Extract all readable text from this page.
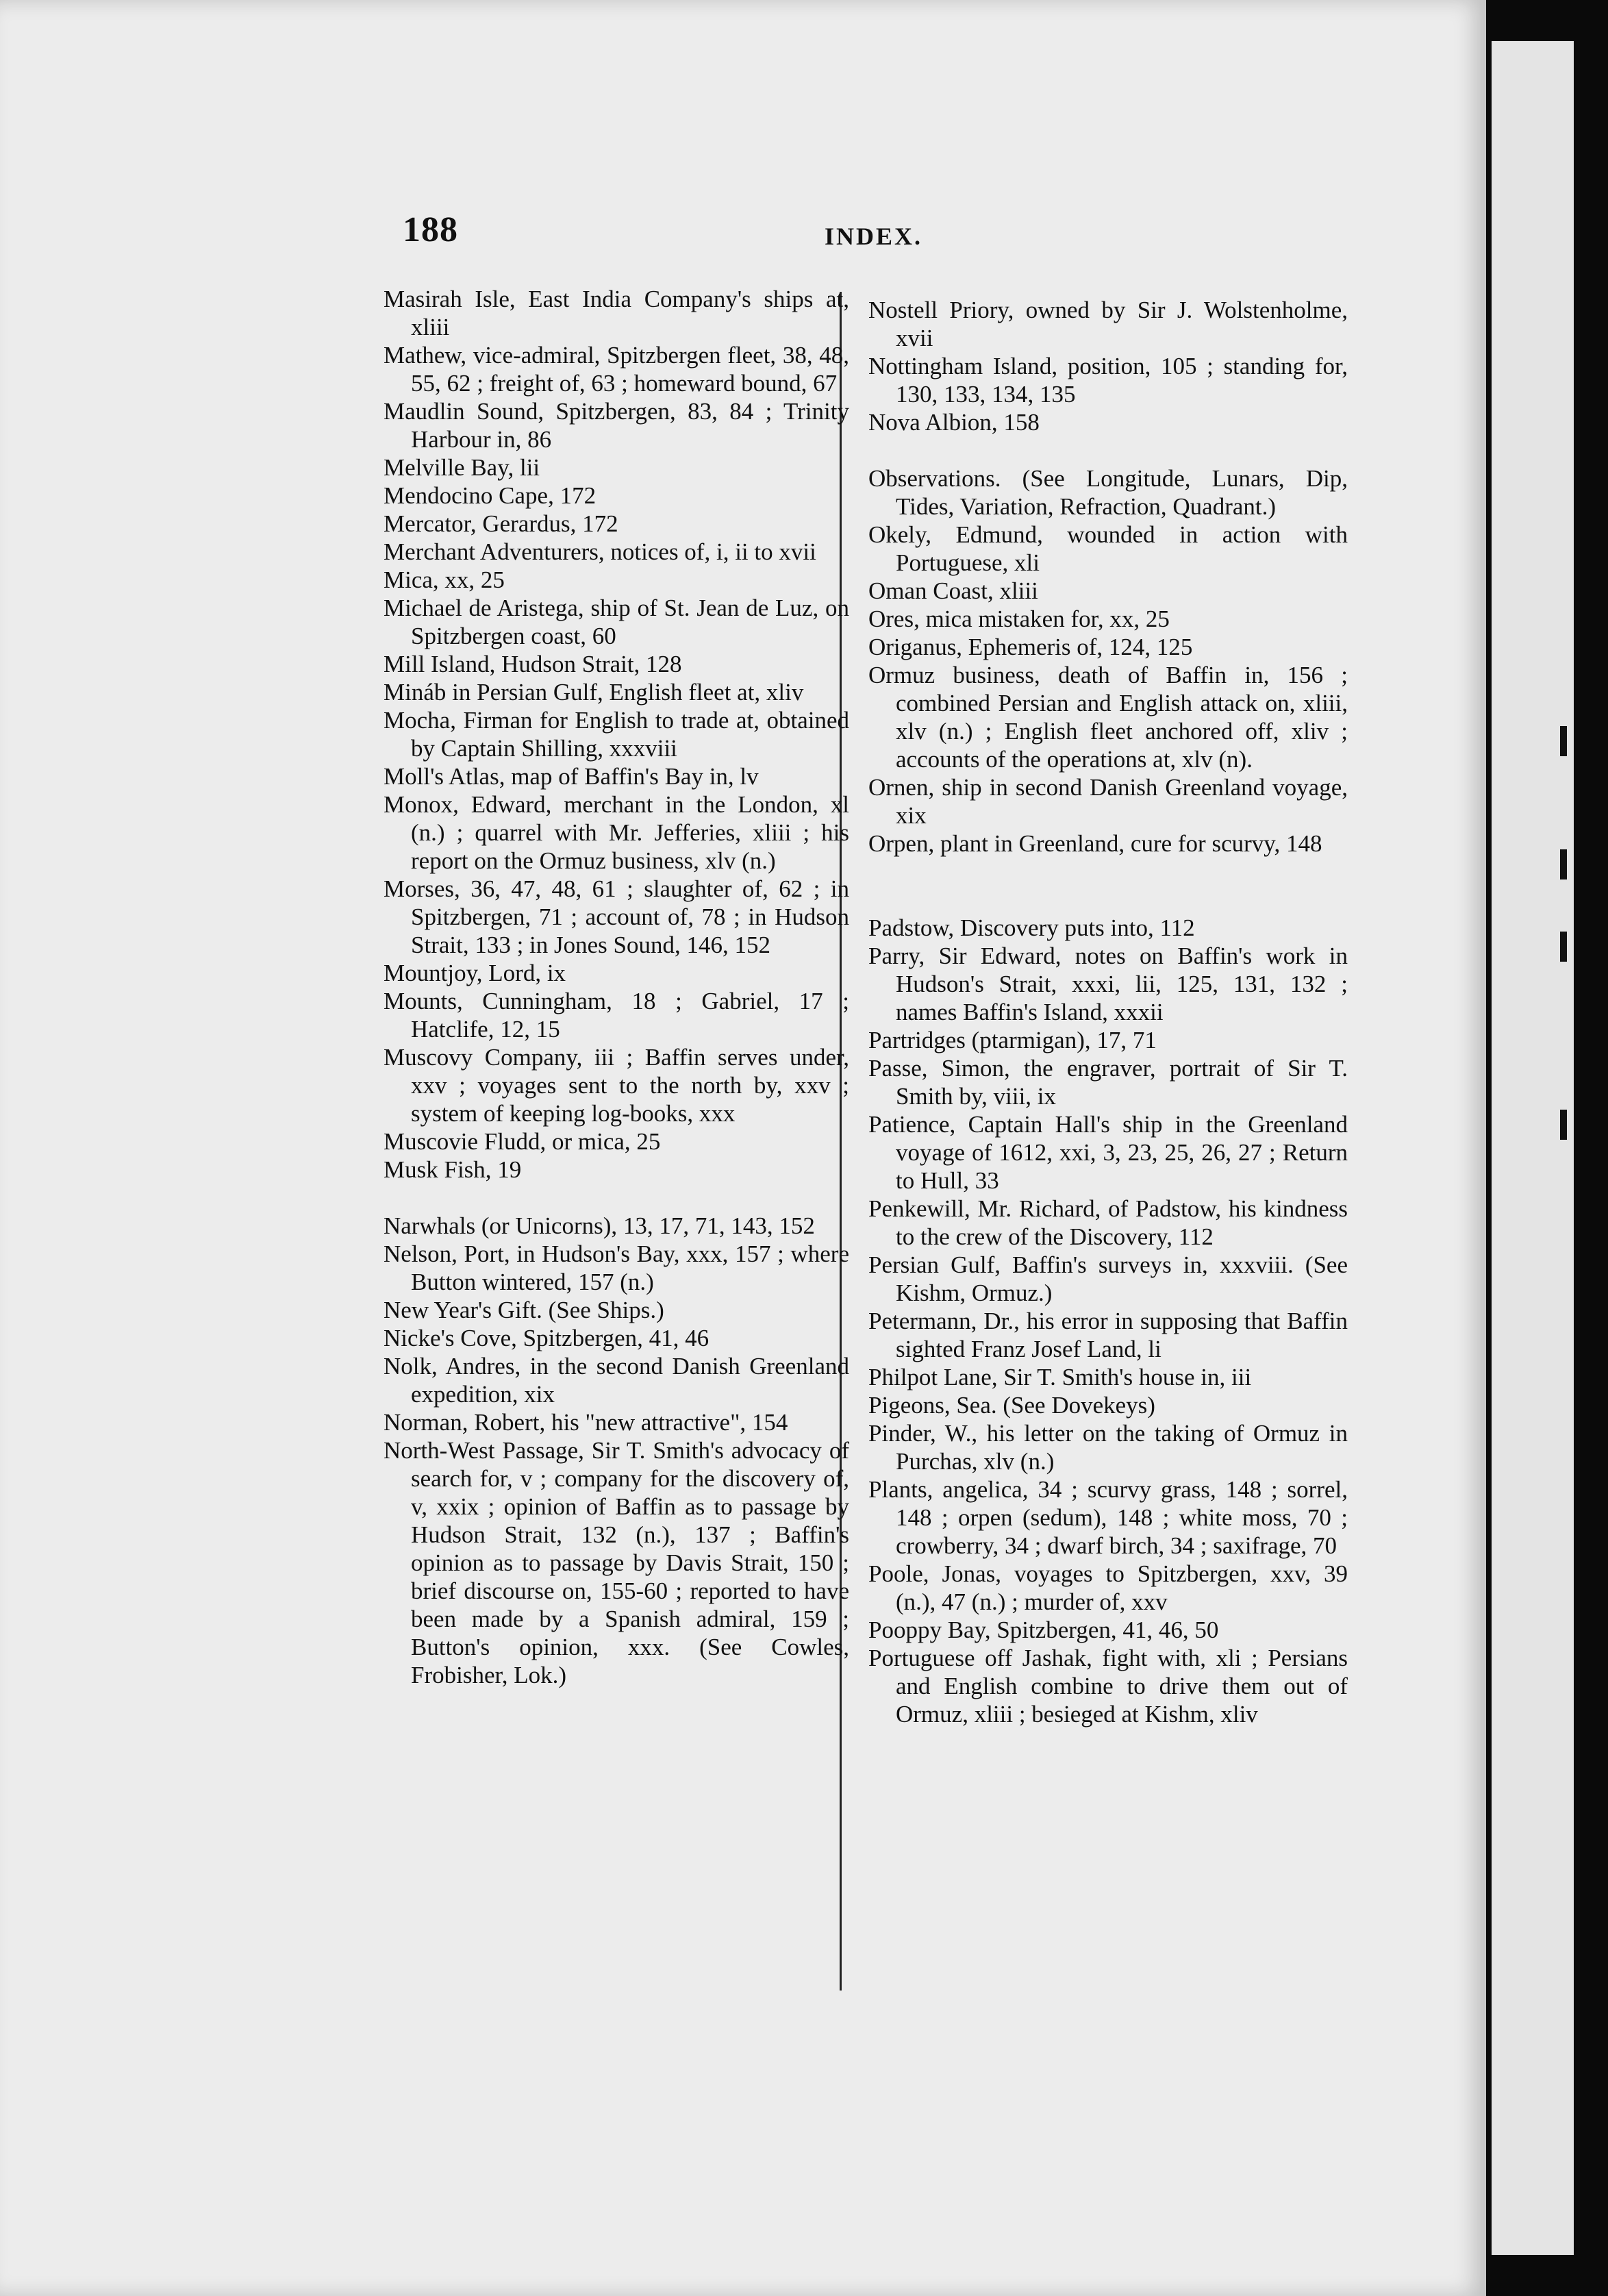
188	INDEX.

Masirah Isle, East India Company's ships at, xliii

Mathew, vice-admiral, Spitzbergen fleet, 38, 48, 55, 62 ; freight of, 63 ; homeward bound, 67

Maudlin Sound, Spitzbergen, 83, 84 ; Trinity Harbour in, 86

Melville Bay, lii

Mendocino Cape, 172

Mercator, Gerardus, 172

Merchant Adventurers, notices of, i, ii to xvii

Mica, xx, 25

Michael de Aristega, ship of St. Jean de Luz, on Spitzbergen coast, 60

Mill Island, Hudson Strait, 128

Mináb in Persian Gulf, English fleet at, xliv

Mocha, Firman for English to trade at, obtained by Captain Shilling, xxxviii

Moll's Atlas, map of Baffin's Bay in, lv

Monox, Edward, merchant in the London, xl (n.) ; quarrel with Mr. Jefferies, xliii ; his report on the Ormuz business, xlv (n.)

Morses, 36, 47, 48, 61 ; slaughter of, 62 ; in Spitzbergen, 71 ; account of, 78 ; in Hudson Strait, 133 ; in Jones Sound, 146, 152

Mountjoy, Lord, ix

Mounts, Cunningham, 18 ; Gabriel, 17 ; Hatclife, 12, 15

Muscovy Company, iii ; Baffin serves under, xxv ; voyages sent to the north by, xxv ; system of keeping log-books, xxx

Muscovie Fludd, or mica, 25

Musk Fish, 19

Narwhals (or Unicorns), 13, 17, 71, 143, 152

Nelson, Port, in Hudson's Bay, xxx, 157 ; where Button wintered, 157 (n.)

New Year's Gift. (See Ships.)

Nicke's Cove, Spitzbergen, 41, 46

Nolk, Andres, in the second Danish Greenland expedition, xix

Norman, Robert, his "new attractive", 154

North-West Passage, Sir T. Smith's advocacy of search for, v ; company for the discovery of, v, xxix ; opinion of Baffin as to passage by Hudson Strait, 132 (n.), 137 ; Baffin's opinion as to passage by Davis Strait, 150 ; brief discourse on, 155-60 ; reported to have been made by a Spanish admiral, 159 ; Button's opinion, xxx. (See Cowles, Frobisher, Lok.)

Nostell Priory, owned by Sir J. Wolstenholme, xvii

Nottingham Island, position, 105 ; standing for, 130, 133, 134, 135

Nova Albion, 158

Observations. (See Longitude, Lunars, Dip, Tides, Variation, Refraction, Quadrant.)

Okely, Edmund, wounded in action with Portuguese, xli

Oman Coast, xliii

Ores, mica mistaken for, xx, 25

Origanus, Ephemeris of, 124, 125

Ormuz business, death of Baffin in, 156 ; combined Persian and English attack on, xliii, xlv (n.) ; English fleet anchored off, xliv ; accounts of the operations at, xlv (n).

Ornen, ship in second Danish Greenland voyage, xix

Orpen, plant in Greenland, cure for scurvy, 148

Padstow, Discovery puts into, 112

Parry, Sir Edward, notes on Baffin's work in Hudson's Strait, xxxi, lii, 125, 131, 132 ; names Baffin's Island, xxxii

Partridges (ptarmigan), 17, 71

Passe, Simon, the engraver, portrait of Sir T. Smith by, viii, ix

Patience, Captain Hall's ship in the Greenland voyage of 1612, xxi, 3, 23, 25, 26, 27 ; Return to Hull, 33

Penkewill, Mr. Richard, of Padstow, his kindness to the crew of the Discovery, 112

Persian Gulf, Baffin's surveys in, xxxviii. (See Kishm, Ormuz.)

Petermann, Dr., his error in supposing that Baffin sighted Franz Josef Land, li

Philpot Lane, Sir T. Smith's house in, iii

Pigeons, Sea. (See Dovekeys)

Pinder, W., his letter on the taking of Ormuz in Purchas, xlv (n.)

Plants, angelica, 34 ; scurvy grass, 148 ; sorrel, 148 ; orpen (sedum), 148 ; white moss, 70 ; crowberry, 34 ; dwarf birch, 34 ; saxifrage, 70

Poole, Jonas, voyages to Spitzbergen, xxv, 39 (n.), 47 (n.) ; murder of, xxv

Pooppy Bay, Spitzbergen, 41, 46, 50

Portuguese off Jashak, fight with, xli ; Persians and English combine to drive them out of Ormuz, xliii ; besieged at Kishm, xliv
